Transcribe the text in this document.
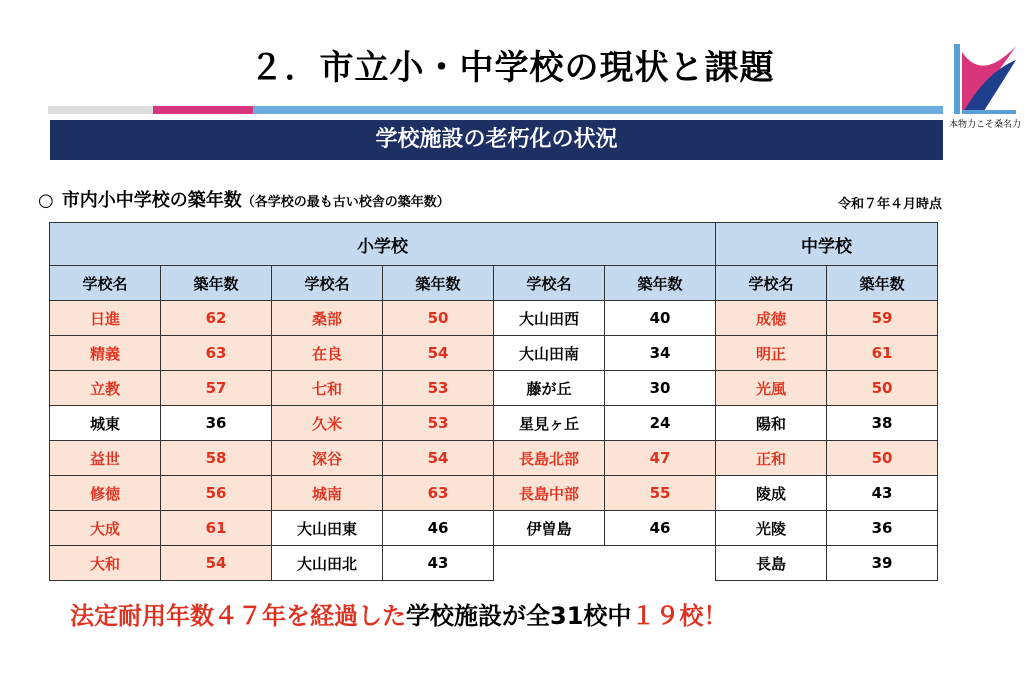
２．市立小・中学校の現状と課題
本物力こそ桑名力
学校施設の老朽化の状況
○ 市内小中学校の築年数（各学校の最も古い校舎の築年数）	令和７年４月時点
小学校						中学校	
学校名	築年数	学校名	築年数	学校名	築年数	学校名	築年数
日進	62	桑部	50	大山田西	40	成徳	59
精義	63	在良	54	大山田南	34	明正	61
立教	57	七和	53	藤が丘	30	光風	50
城東	36	久米	53	星見ヶ丘	24	陽和	38
益世	58	深谷	54	長島北部	47	正和	50
修徳	56	城南	63	長島中部	55	陵成	43
大成	61	大山田東	46	伊曽島	46	光陵	36
大和	54	大山田北	43			長島	39
法定耐用年数４７年を経過した学校施設が全31校中１９校！
